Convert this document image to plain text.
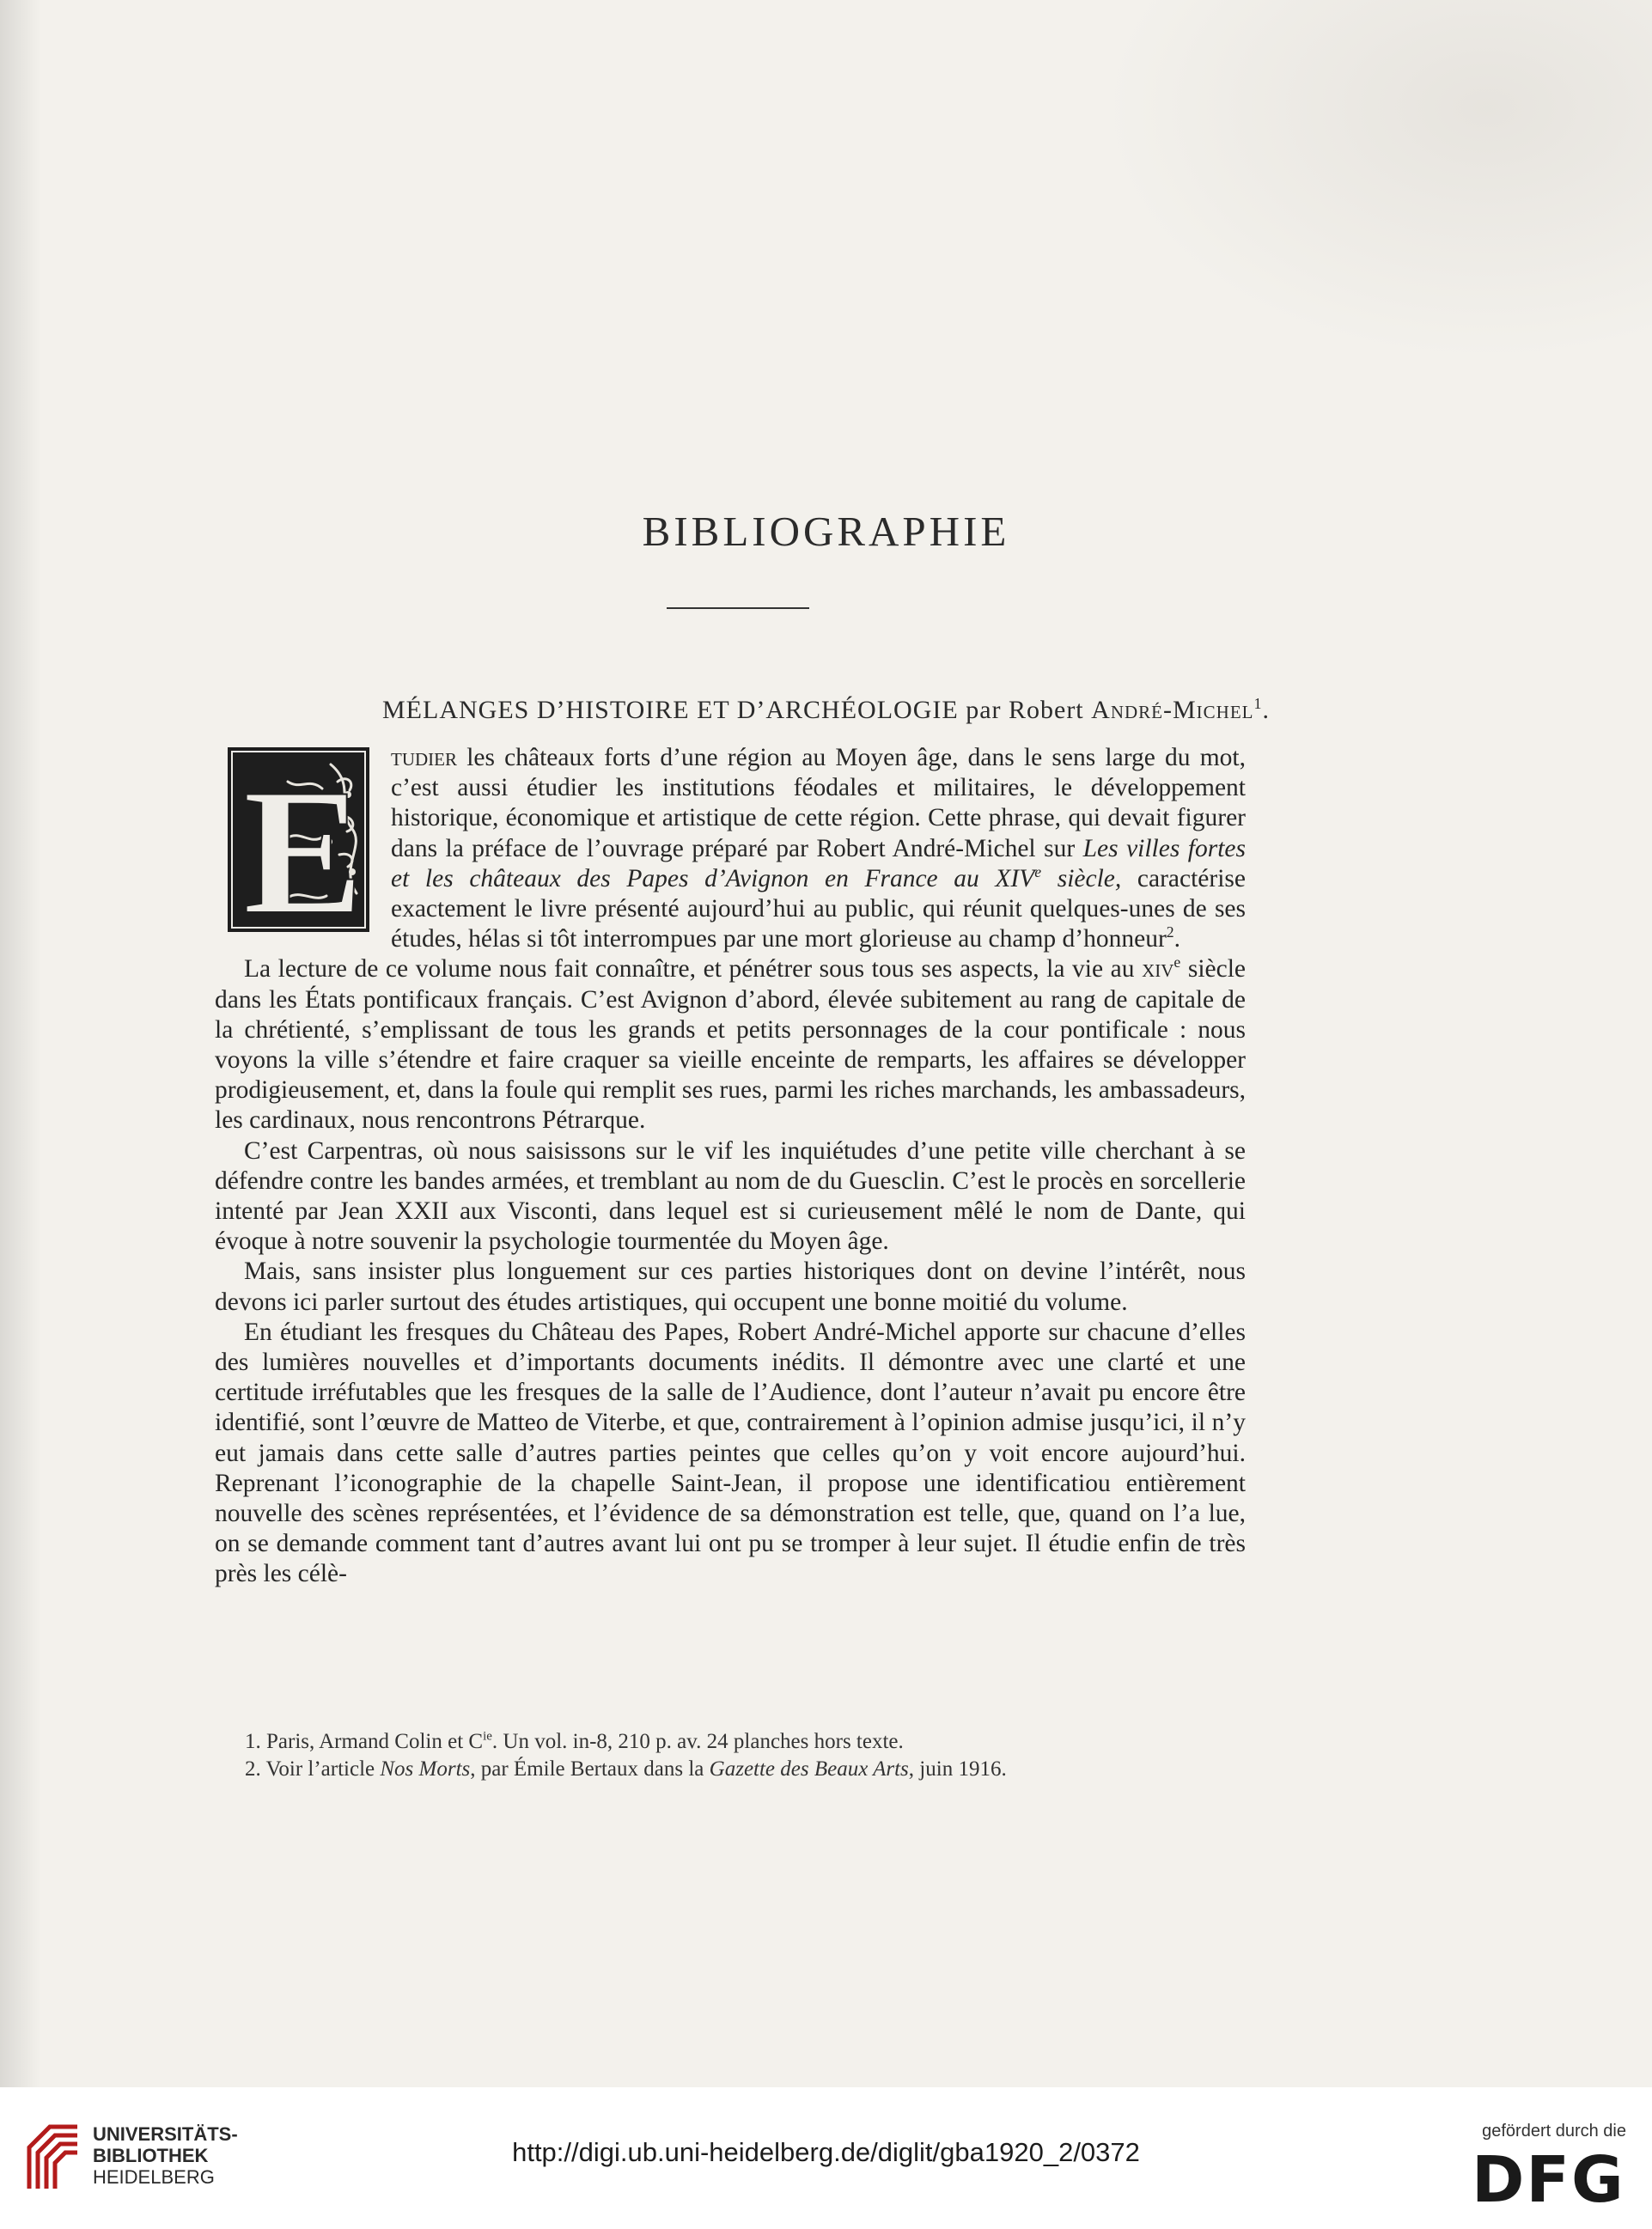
BIBLIOGRAPHIE
MÉLANGES D’HISTOIRE ET D’ARCHÉOLOGIE par Robert André-Michel$^1$.
E	tudier les châteaux forts d’une région au Moyen âge, dans le sens large du mot, c’est aussi étudier les institutions féodales et militaires, le développement historique, économique et artistique de cette région. Cette phrase, qui devait figurer dans la préface de l’ouvrage préparé par Robert André-Michel sur Les villes fortes et les châteaux des Papes d’Avignon en France au XIVe siècle, caractérise exactement le livre présenté aujourd’hui au public, qui réunit quelques-unes de ses études, hélas si tôt interrompues par une mort glorieuse au champ d’honneur$^2$.

La lecture de ce volume nous fait connaître, et pénétrer sous tous ses aspects, la vie au xiv$^e$ siècle dans les États pontificaux français. C’est Avignon d’abord, élevée subitement au rang de capitale de la chrétienté, s’emplissant de tous les grands et petits personnages de la cour pontificale : nous voyons la ville s’étendre et faire craquer sa vieille enceinte de remparts, les affaires se développer prodigieusement, et, dans la foule qui remplit ses rues, parmi les riches marchands, les ambassadeurs, les cardinaux, nous rencontrons Pétrarque.

C’est Carpentras, où nous saisissons sur le vif les inquiétudes d’une petite ville cherchant à se défendre contre les bandes armées, et tremblant au nom de du Guesclin. C’est le procès en sorcellerie intenté par Jean XXII aux Visconti, dans lequel est si curieusement mêlé le nom de Dante, qui évoque à notre souvenir la psychologie tourmentée du Moyen âge.

Mais, sans insister plus longuement sur ces parties historiques dont on devine l’intérêt, nous devons ici parler surtout des études artistiques, qui occupent une bonne moitié du volume.

En étudiant les fresques du Château des Papes, Robert André-Michel apporte sur chacune d’elles des lumières nouvelles et d’importants documents inédits. Il démontre avec une clarté et une certitude irréfutables que les fresques de la salle de l’Audience, dont l’auteur n’avait pu encore être identifié, sont l’œuvre de Matteo de Viterbe, et que, contrairement à l’opinion admise jusqu’ici, il n’y eut jamais dans cette salle d’autres parties peintes que celles qu’on y voit encore aujourd’hui. Reprenant l’iconographie de la chapelle Saint-Jean, il propose une identificatiou entièrement nouvelle des scènes représentées, et l’évidence de sa démonstration est telle, que, quand on l’a lue, on se demande comment tant d’autres avant lui ont pu se tromper à leur sujet. Il étudie enfin de très près les célè-

1. Paris, Armand Colin et $C^{ie}$. Un vol. in-8, 210 p. av. 24 planches hors texte.
2. Voir l’article Nos Morts, par Émile Bertaux dans la Gazette des Beaux Arts, juin 1916.
UNIVERSITÄTS-
BIBLIOTHEK
HEIDELBERG
http://digi.ub.uni-heidelberg.de/diglit/gba1920_2/0372
gefördert durch die
DFG
